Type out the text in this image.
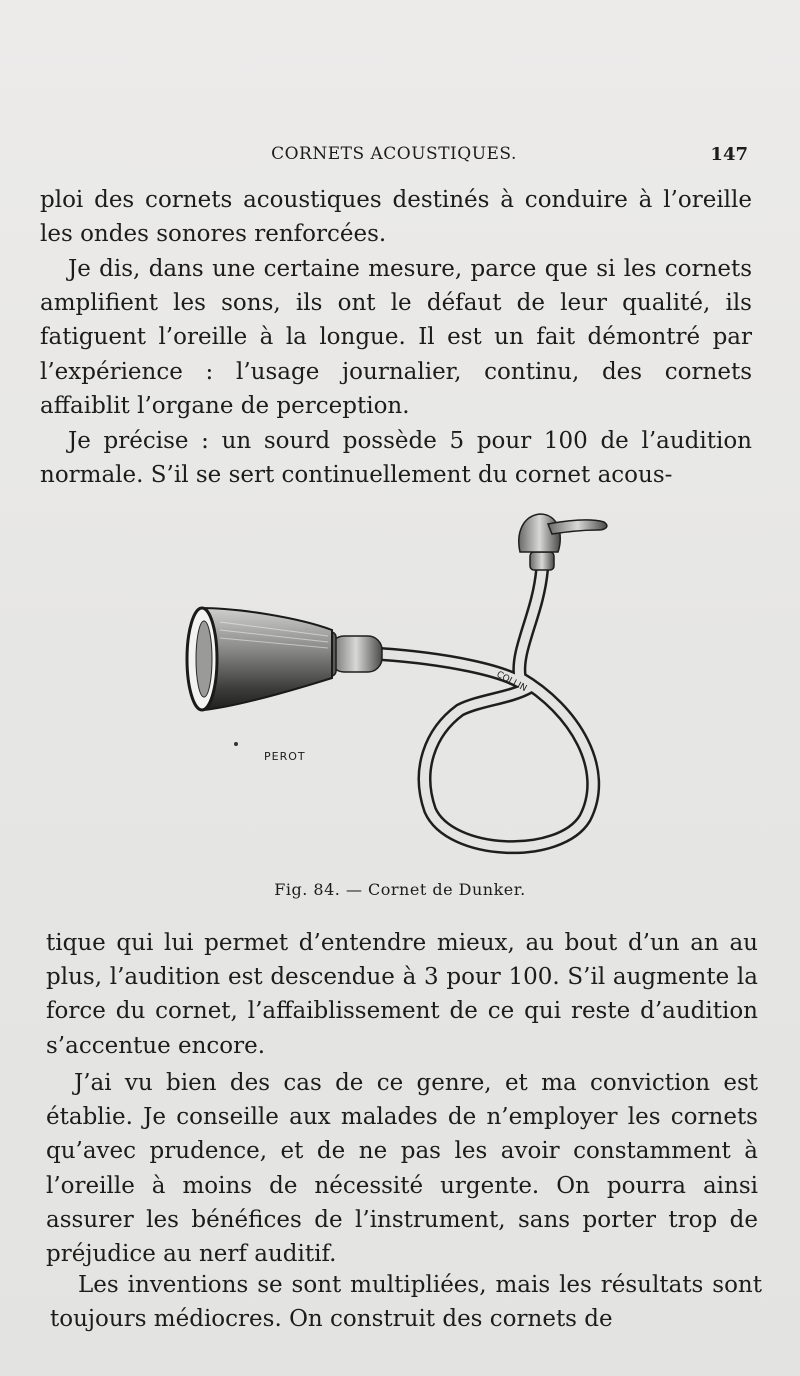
CORNETS ACOUSTIQUES.	147

ploi des cornets acoustiques destinés à conduire à l’oreille les ondes sonores renforcées.

Je dis, dans une certaine mesure, parce que si les cornets amplifient les sons, ils ont le défaut de leur qualité, ils fatiguent l’oreille à la longue. Il est un fait démontré par l’expérience : l’usage journalier, continu, des cornets affaiblit l’organe de perception.

Je précise : un sourd possède 5 pour 100 de l’audition normale. S’il se sert continuellement du cornet acous-

COLLIN
PEROT
Fig. 84. — Cornet de Dunker.

tique qui lui permet d’entendre mieux, au bout d’un an au plus, l’audition est descendue à 3 pour 100. S’il augmente la force du cornet, l’affaiblissement de ce qui reste d’audition s’accentue encore.

J’ai vu bien des cas de ce genre, et ma conviction est établie. Je conseille aux malades de n’employer les cornets qu’avec prudence, et de ne pas les avoir constamment à l’oreille à moins de nécessité urgente. On pourra ainsi assurer les bénéfices de l’instrument, sans porter trop de préjudice au nerf auditif.

Les inventions se sont multipliées, mais les résultats sont toujours médiocres. On construit des cornets de
